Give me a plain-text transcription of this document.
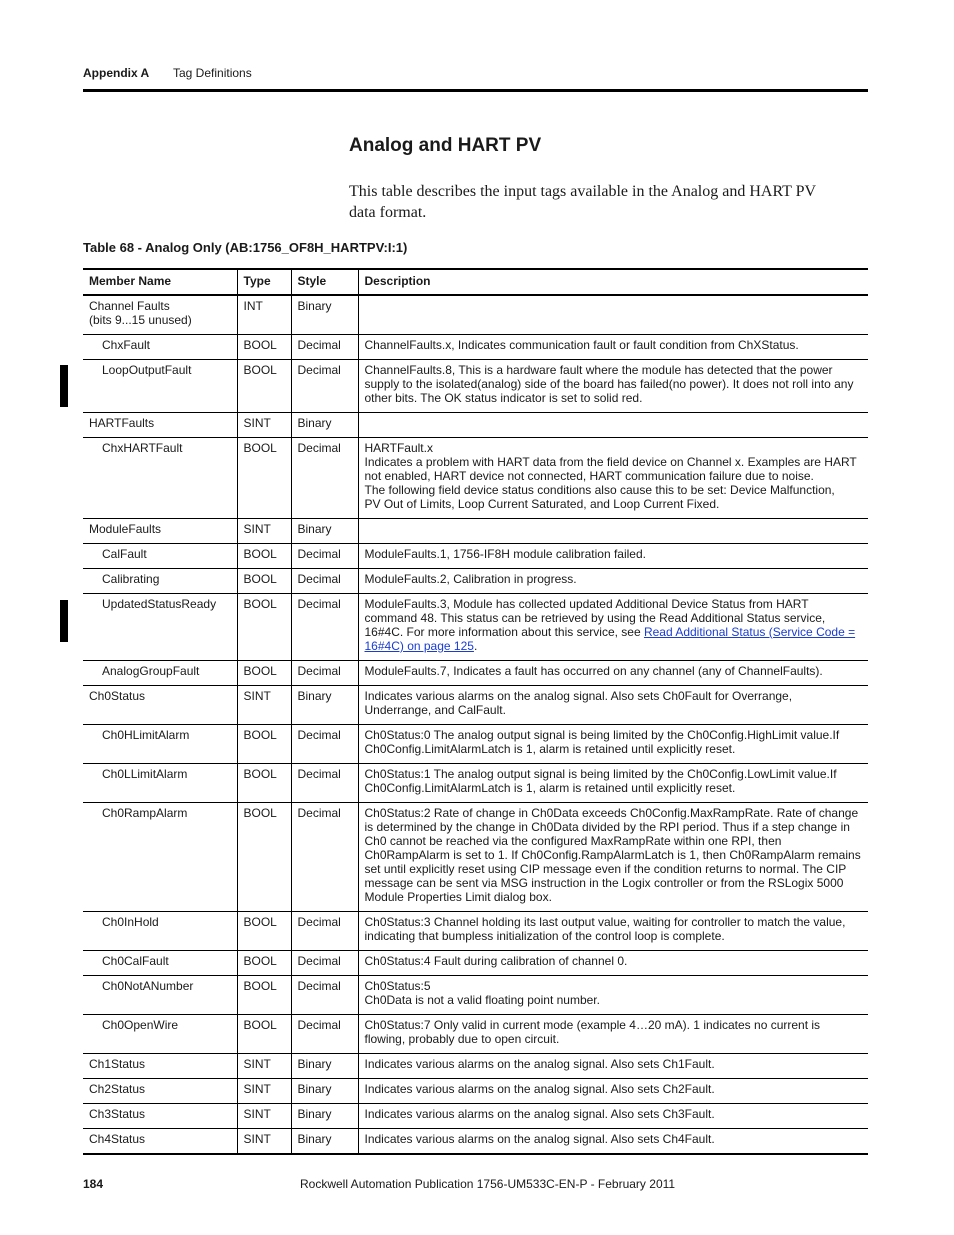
Appendix A Tag Definitions
Analog and HART PV
This table describes the input tags available in the Analog and HART PV data format.
Table 68 - Analog Only (AB:1756_OF8H_HARTPV:I:1)
Member Name	Type	Style	Description
Channel Faults
(bits 9...15 unused)	INT	Binary	
ChxFault	BOOL	Decimal	ChannelFaults.x, Indicates communication fault or fault condition from ChXStatus.
LoopOutputFault	BOOL	Decimal	ChannelFaults.8, This is a hardware fault where the module has detected that the power supply to the isolated(analog) side of the board has failed(no power). It does not roll into any other bits. The OK status indicator is set to solid red.
HARTFaults	SINT	Binary	
ChxHARTFault	BOOL	Decimal	HARTFault.x
Indicates a problem with HART data from the field device on Channel x. Examples are HART not enabled, HART device not connected, HART communication failure due to noise.
The following field device status conditions also cause this to be set: Device Malfunction,
PV Out of Limits, Loop Current Saturated, and Loop Current Fixed.
ModuleFaults	SINT	Binary	
CalFault	BOOL	Decimal	ModuleFaults.1, 1756-IF8H module calibration failed.
Calibrating	BOOL	Decimal	ModuleFaults.2, Calibration in progress.
UpdatedStatusReady	BOOL	Decimal	ModuleFaults.3, Module has collected updated Additional Device Status from HART command 48. This status can be retrieved by using the Read Additional Status service, 16#4C. For more information about this service, see Read Additional Status (Service Code = 16#4C) on page 125.
AnalogGroupFault	BOOL	Decimal	ModuleFaults.7, Indicates a fault has occurred on any channel (any of ChannelFaults).
Ch0Status	SINT	Binary	Indicates various alarms on the analog signal. Also sets Ch0Fault for Overrange, Underrange, and CalFault.
Ch0HLimitAlarm	BOOL	Decimal	Ch0Status:0 The analog output signal is being limited by the Ch0Config.HighLimit value.If Ch0Config.LimitAlarmLatch is 1, alarm is retained until explicitly reset.
Ch0LLimitAlarm	BOOL	Decimal	Ch0Status:1 The analog output signal is being limited by the Ch0Config.LowLimit value.If Ch0Config.LimitAlarmLatch is 1, alarm is retained until explicitly reset.
Ch0RampAlarm	BOOL	Decimal	Ch0Status:2 Rate of change in Ch0Data exceeds Ch0Config.MaxRampRate. Rate of change is determined by the change in Ch0Data divided by the RPI period. Thus if a step change in Ch0 cannot be reached via the configured MaxRampRate within one RPI, then Ch0RampAlarm is set to 1. If Ch0Config.RampAlarmLatch is 1, then Ch0RampAlarm remains set until explicitly reset using CIP message even if the condition returns to normal. The CIP message can be sent via MSG instruction in the Logix controller or from the RSLogix 5000 Module Properties Limit dialog box.
Ch0InHold	BOOL	Decimal	Ch0Status:3 Channel holding its last output value, waiting for controller to match the value, indicating that bumpless initialization of the control loop is complete.
Ch0CalFault	BOOL	Decimal	Ch0Status:4 Fault during calibration of channel 0.
Ch0NotANumber	BOOL	Decimal	Ch0Status:5
Ch0Data is not a valid floating point number.
Ch0OpenWire	BOOL	Decimal	Ch0Status:7 Only valid in current mode (example 4…20 mA). 1 indicates no current is flowing, probably due to open circuit.
Ch1Status	SINT	Binary	Indicates various alarms on the analog signal. Also sets Ch1Fault.
Ch2Status	SINT	Binary	Indicates various alarms on the analog signal. Also sets Ch2Fault.
Ch3Status	SINT	Binary	Indicates various alarms on the analog signal. Also sets Ch3Fault.
Ch4Status	SINT	Binary	Indicates various alarms on the analog signal. Also sets Ch4Fault.
184	Rockwell Automation Publication 1756-UM533C-EN-P - February 2011
